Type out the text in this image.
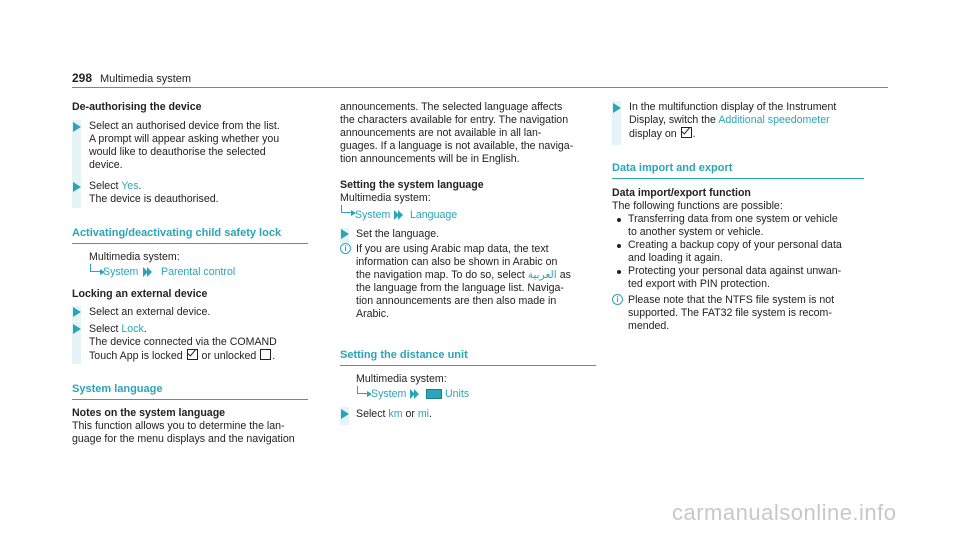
298 Multimedia system
De-authorising the device
Select an authorised device from the list.
A prompt will appear asking whether you
would like to deauthorise the selected
device.
Select Yes.
The device is deauthorised.
Activating/deactivating child safety lock
Multimedia system:
System Parental control
Locking an external device
Select an external device.
Select Lock.
The device connected via the COMAND
Touch App is locked or unlocked .
System language
Notes on the system language
This function allows you to determine the lan-
guage for the menu displays and the navigation
announcements. The selected language affects
the characters available for entry. The navigation
announcements are not available in all lan-
guages. If a language is not available, the naviga-
tion announcements will be in English.
Setting the system language
Multimedia system:
System Language
Set the language.
i If you are using Arabic map data, the text
information can also be shown in Arabic on
the navigation map. To do so, select العربية as
the language from the language list. Naviga-
tion announcements are then also made in
Arabic.
Setting the distance unit
Multimedia system:
System	Units
Select km or mi.
In the multifunction display of the Instrument
Display, switch the Additional speedometer
display on .
Data import and export
Data import/export function
The following functions are possible:
Transferring data from one system or vehicle
to another system or vehicle.
Creating a backup copy of your personal data
and loading it again.
Protecting your personal data against unwan-
ted export with PIN protection.
i Please note that the NTFS file system is not
supported. The FAT32 file system is recom-
mended.
carmanualsonline.info
